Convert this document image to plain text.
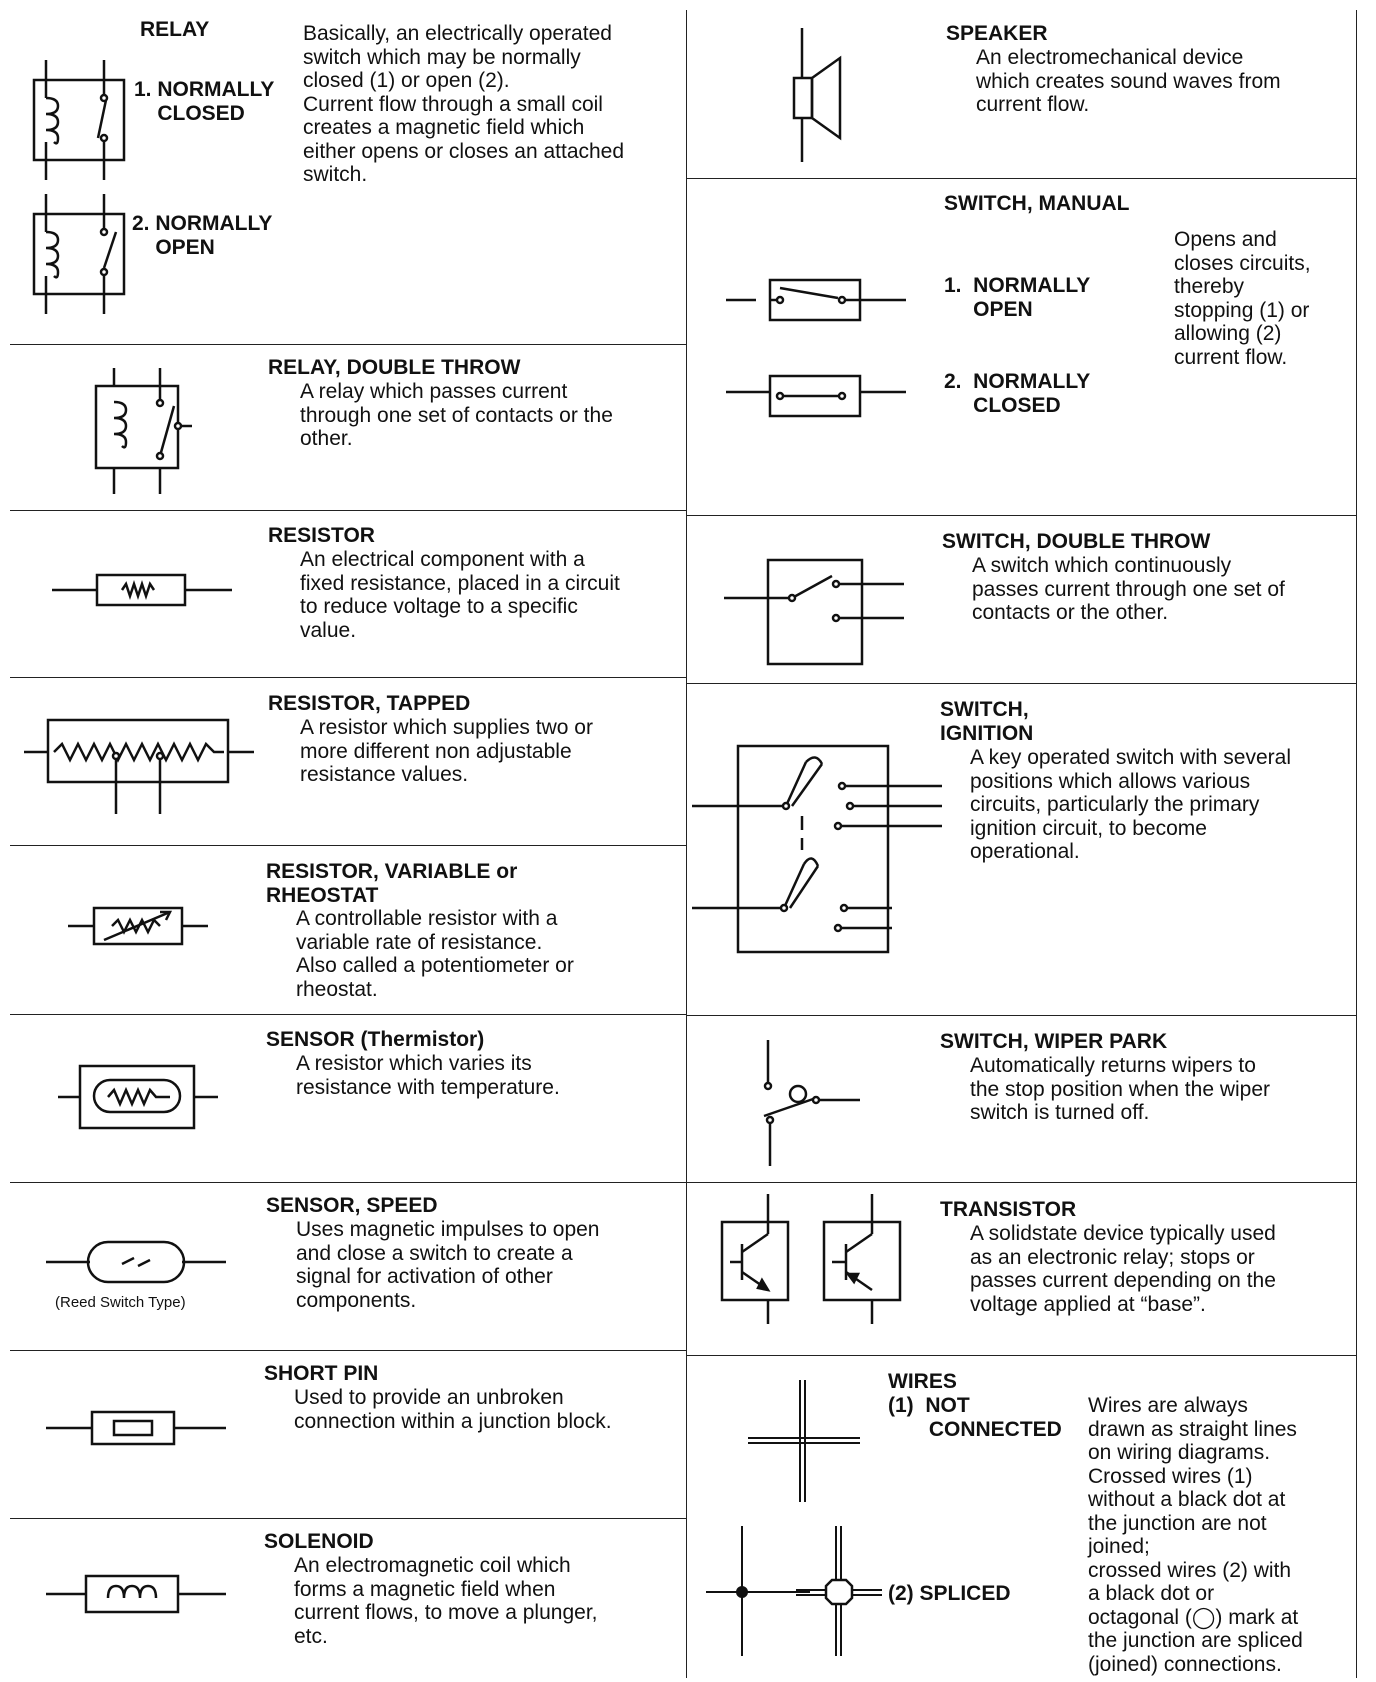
RELAY
1. NORMALLY
CLOSED
2. NORMALLY
OPEN
Basically, an electrically operated
switch which may be normally
closed (1) or open (2).
Current flow through a small coil
creates a magnetic field which
either opens or closes an attached
switch.
RELAY, DOUBLE THROW
A relay which passes current
through one set of contacts or the
other.
RESISTOR
An electrical component with a
fixed resistance, placed in a circuit
to reduce voltage to a specific
value.
RESISTOR, TAPPED
A resistor which supplies two or
more different non adjustable
resistance values.
RESISTOR, VARIABLE or
RHEOSTAT
A controllable resistor with a
variable rate of resistance.
Also called a potentiometer or
rheostat.
SENSOR (Thermistor)
A resistor which varies its
resistance with temperature.
SENSOR, SPEED
Uses magnetic impulses to open
and close a switch to create a
signal for activation of other
components.
(Reed Switch Type)
SHORT PIN
Used to provide an unbroken
connection within a junction block.
SOLENOID
An electromagnetic coil which
forms a magnetic field when
current flows, to move a plunger,
etc.
SPEAKER
An electromechanical device
which creates sound waves from
current flow.
SWITCH, MANUAL
1.  NORMALLY
OPEN
2.  NORMALLY
CLOSED
Opens and
closes circuits,
thereby
stopping (1) or
allowing (2)
current flow.
SWITCH, DOUBLE THROW
A switch which continuously
passes current through one set of
contacts or the other.
SWITCH,
IGNITION
A key operated switch with several
positions which allows various
circuits, particularly the primary
ignition circuit, to become
operational.
SWITCH, WIPER PARK
Automatically returns wipers to
the stop position when the wiper
switch is turned off.
TRANSISTOR
A solidstate device typically used
as an electronic relay; stops or
passes current depending on the
voltage applied at “base”.
WIRES
(1)  NOT
CONNECTED
(2) SPLICED
Wires are always
drawn as straight lines
on wiring diagrams.
Crossed wires (1)
without a black dot at
the junction are not
joined;
crossed wires (2) with
a black dot or
octagonal (◯) mark at
the junction are spliced
(joined) connections.
